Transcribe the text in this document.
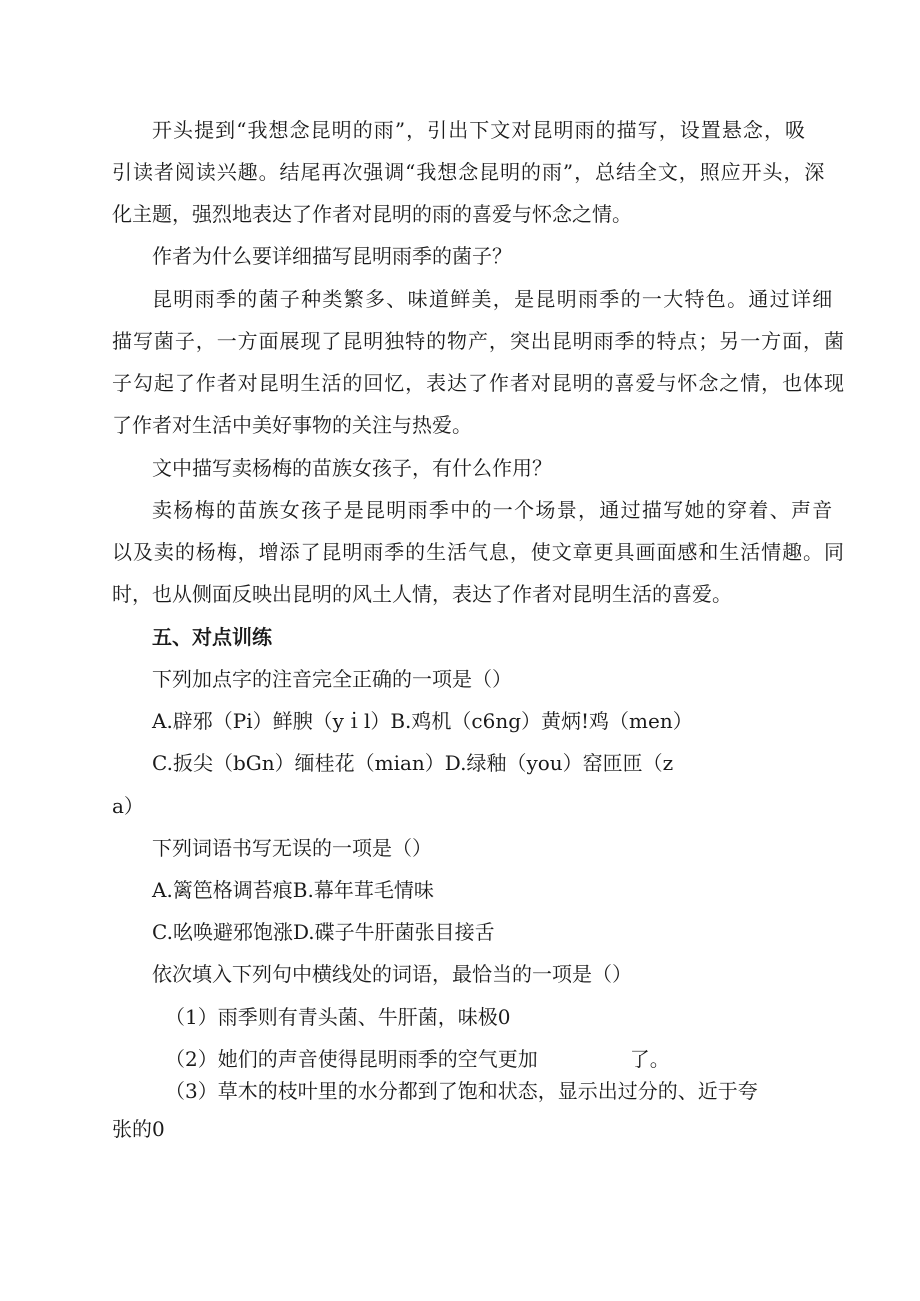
开头提到“我想念昆明的雨”，引出下文对昆明雨的描写，设置悬念，吸

引读者阅读兴趣。结尾再次强调“我想念昆明的雨”，总结全文，照应开头，深

化主题，强烈地表达了作者对昆明的雨的喜爱与怀念之情。

作者为什么要详细描写昆明雨季的菌子？

昆明雨季的菌子种类繁多、味道鲜美，是昆明雨季的一大特色。通过详细

描写菌子，一方面展现了昆明独特的物产，突出昆明雨季的特点；另一方面，菌

子勾起了作者对昆明生活的回忆，表达了作者对昆明的喜爱与怀念之情，也体现

了作者对生活中美好事物的关注与热爱。

文中描写卖杨梅的苗族女孩子，有什么作用？

卖杨梅的苗族女孩子是昆明雨季中的一个场景，通过描写她的穿着、声音

以及卖的杨梅，增添了昆明雨季的生活气息，使文章更具画面感和生活情趣。同

时，也从侧面反映出昆明的风土人情，表达了作者对昆明生活的喜爱。

五、对点训练

下列加点字的注音完全正确的一项是（）

A.辟邪（Pi）鲜腴（yｉl）B.鸡机（c6ng）黄炳!鸡（men）

C.扳尖（bGn）缅桂花（mian）D.绿釉（you）窑匝匝（z

a）

下列词语书写无误的一项是（）

A.篱笆格调苔痕B.幕年茸毛情味

C.吆唤避邪饱涨D.碟子牛肝菌张目接舌

依次填入下列句中横线处的词语，最恰当的一项是（）

（1）雨季则有青头菌、牛肝菌，味极0

（2）她们的声音使得昆明雨季的空气更加	了。

（3）草木的枝叶里的水分都到了饱和状态，显示出过分的、近于夸

张的0
